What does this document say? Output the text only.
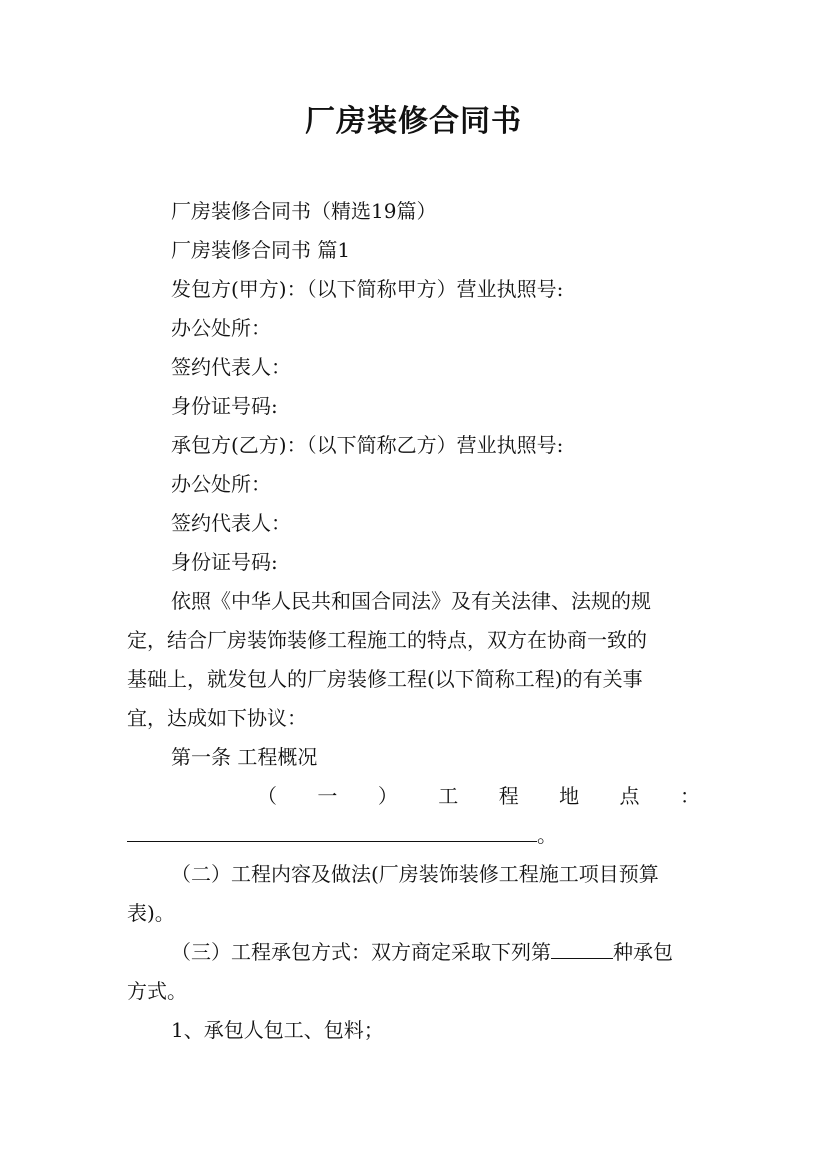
厂房装修合同书
厂房装修合同书（精选19篇）
厂房装修合同书 篇1
发包方(甲方)：（以下简称甲方）营业执照号:
办公处所：
签约代表人：
身份证号码:
承包方(乙方)：（以下简称乙方）营业执照号:
办公处所：
签约代表人：
身份证号码:
依照《中华人民共和国合同法》及有关法律、法规的规
定，结合厂房装饰装修工程施工的特点，双方在协商一致的
基础上，就发包人的厂房装修工程(以下简称工程)的有关事
宜，达成如下协议：
第一条 工程概况
（ 一 ） 工 程 地 点 ：
。
（二）工程内容及做法(厂房装饰装修工程施工项目预算
表)。
（三）工程承包方式：双方商定采取下列第	种承包
方式。
1、承包人包工、包料；
